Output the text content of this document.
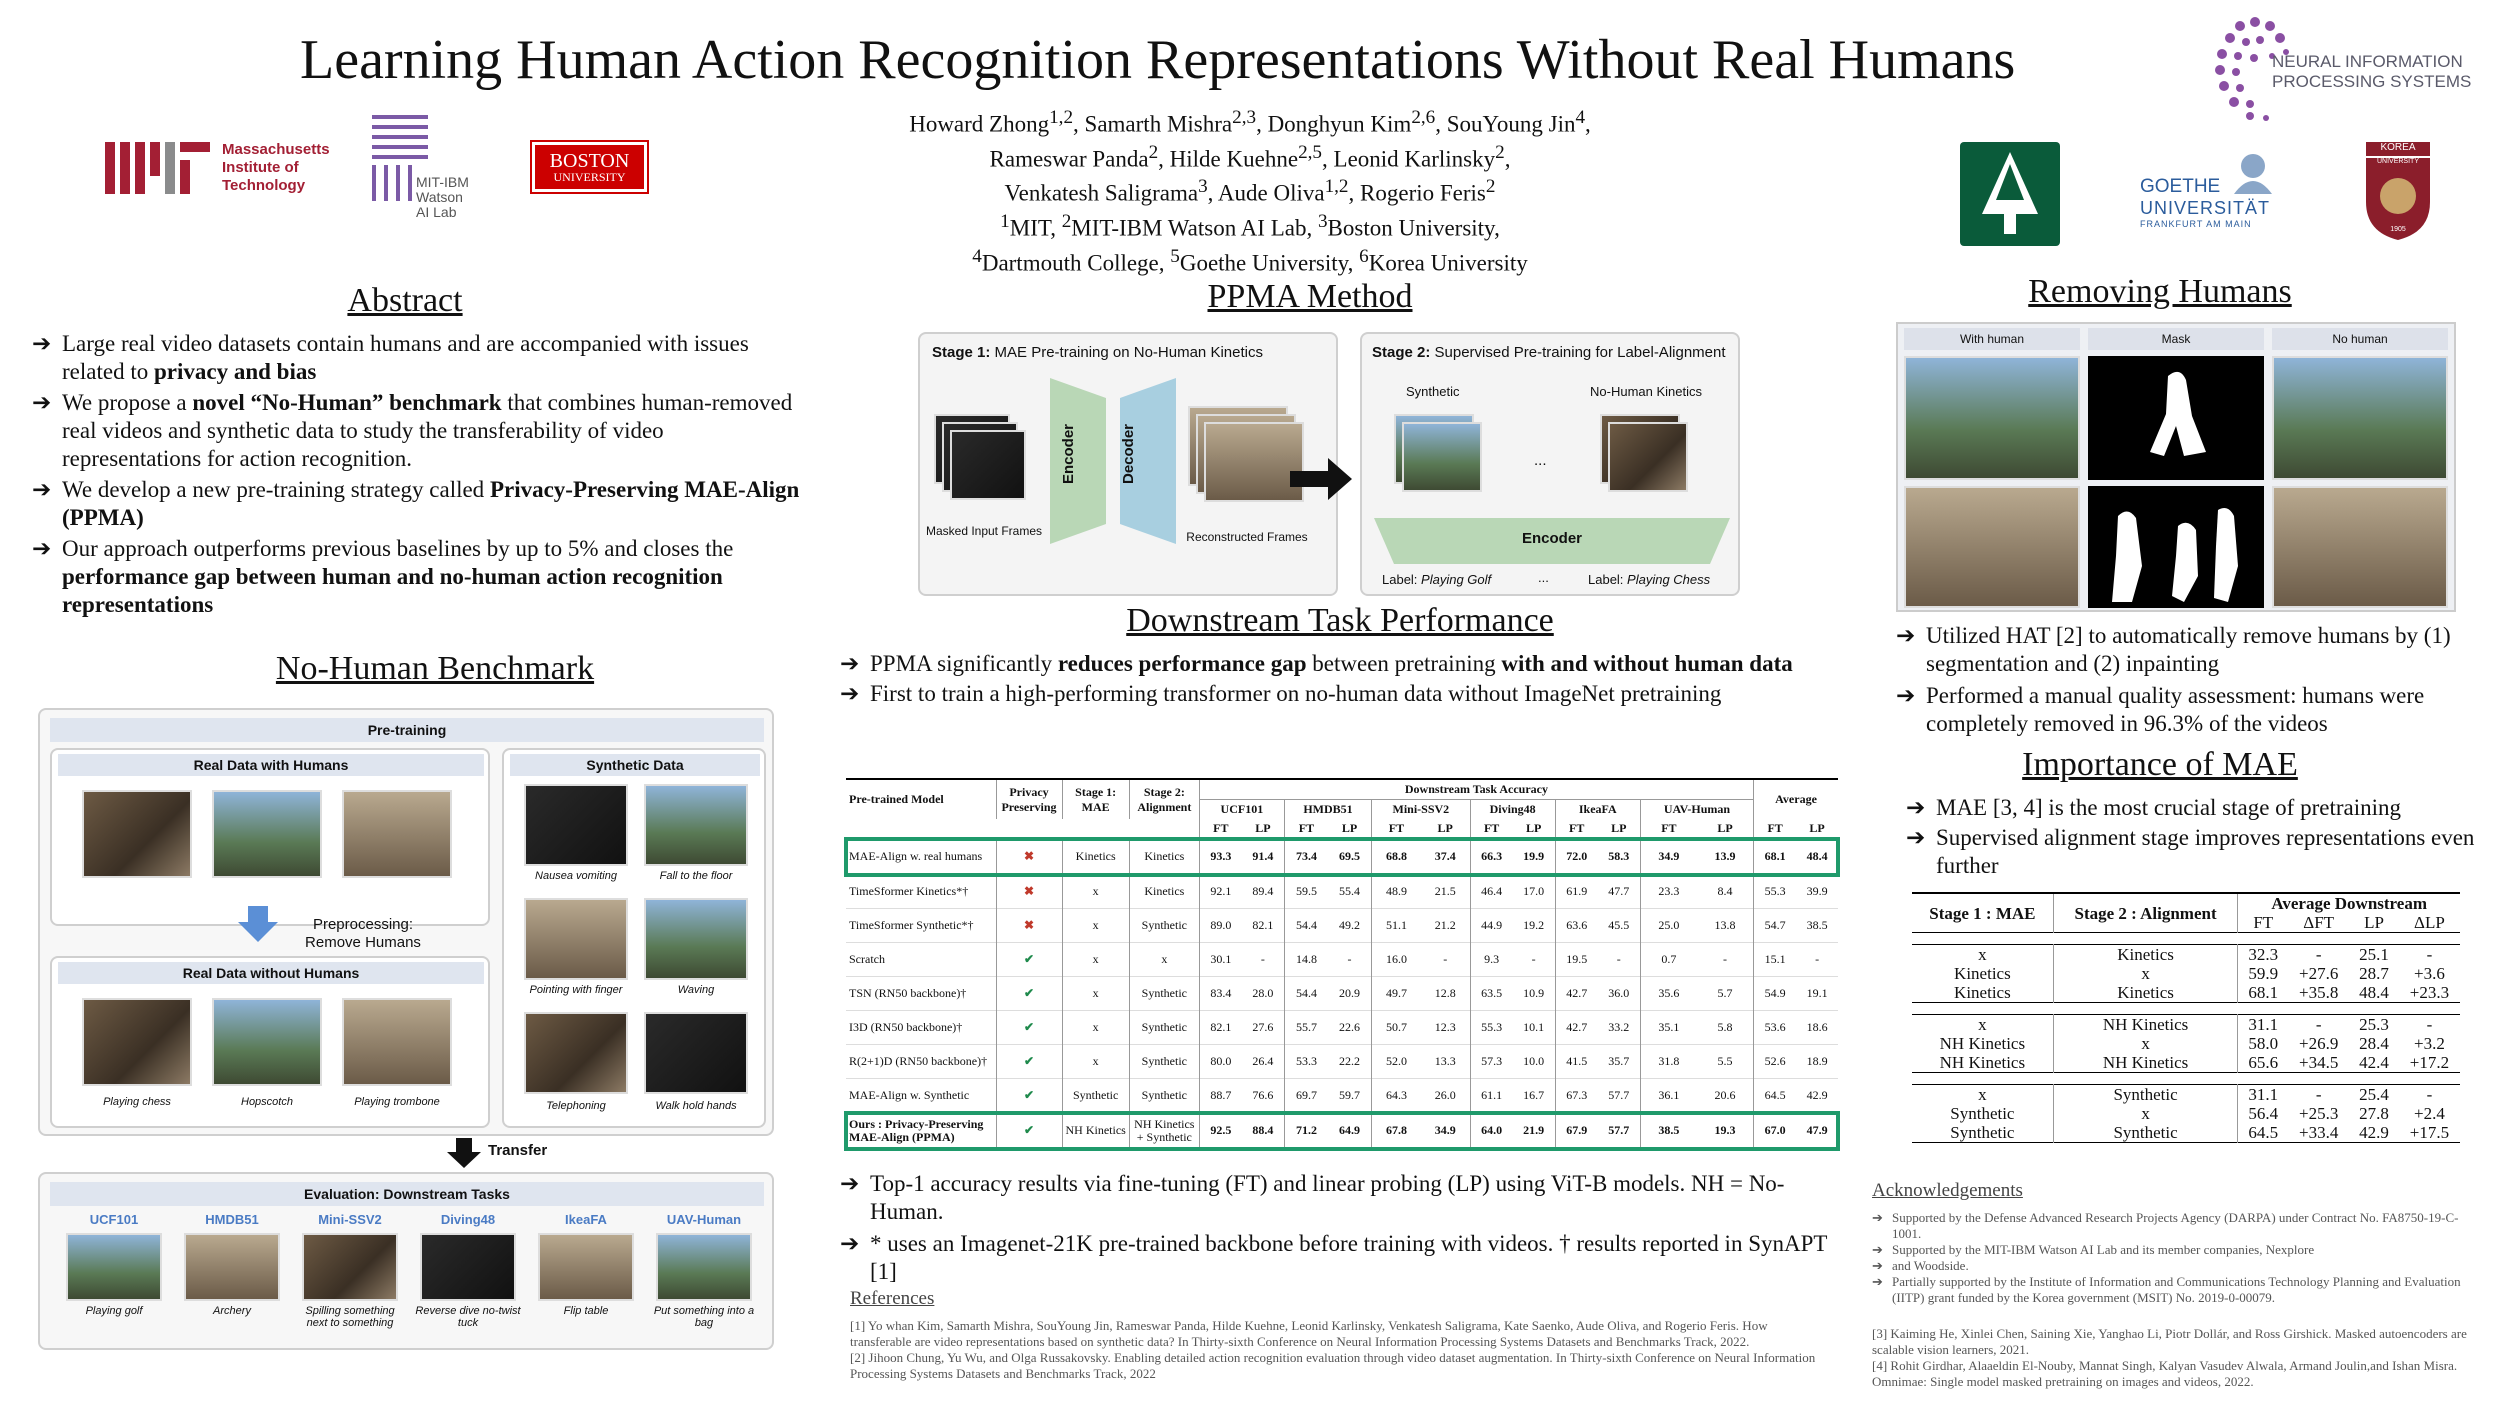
Learning Human Action Recognition Representations Without Real Humans
Howard Zhong$^{1,2}$, Samarth Mishra$^{2,3}$, Donghyun Kim$^{2,6}$, SouYoung Jin$^4$,
Rameswar Panda$^2$, Hilde Kuehne$^{2,5}$, Leonid Karlinsky$^2$,
Venkatesh Saligrama$^3$, Aude Oliva$^{1,2}$, Rogerio Feris$^2$
$^1$MIT, $^2$MIT-IBM Watson AI Lab, $^3$Boston University,
$^4$Dartmouth College, $^5$Goethe University, $^6$Korea University
Massachusetts
Institute of
Technology	MIT-IBM
Watson
AI Lab
BOSTON
UNIVERSITY
NEURAL INFORMATION
PROCESSING SYSTEMS
GOETHE
UNIVERSITÄT
FRANKFURT AM MAIN
KOREA
UNIVERSITY
1905
Abstract
➔ Large real video datasets contain humans and are accompanied with issues related to privacy and bias
➔ We propose a novel “No-Human” benchmark that combines human-removed real videos and synthetic data to study the transferability of video representations for action recognition.
➔ We develop a new pre-training strategy called Privacy-Preserving MAE-Align (PPMA)
➔ Our approach outperforms previous baselines by up to 5% and closes the performance gap between human and no-human action recognition representations
No-Human Benchmark
Pre-training
Real Data with Humans
Preprocessing:
Remove Humans
Real Data without Humans
Playing chess	Hopscotch	Playing trombone
Synthetic Data
Nausea vomiting	Fall to the floor
Pointing with finger	Waving
Telephoning	Walk hold hands
Transfer
Evaluation: Downstream Tasks
UCF101
Playing golf
HMDB51
Archery
Mini-SSV2
Spilling something next to something
Diving48
Reverse dive no-twist tuck
IkeaFA
Flip table
UAV-Human
Put something into a bag
PPMA Method
Stage 1: MAE Pre-training on No-Human Kinetics
Masked Input Frames
Encoder	Decoder
Reconstructed Frames
Stage 2: Supervised Pre-training for Label-Alignment
Synthetic	No-Human Kinetics
...
Encoder
Label: Playing Golf	...	Label: Playing Chess
Downstream Task Performance
➔ PPMA significantly reduces performance gap between pretraining with and without human data
➔ First to train a high-performing transformer on no-human data without ImageNet pretraining
Pre-trained Model	Privacy Preserving	Stage 1: MAE	Stage 2: Alignment	Downstream Task Accuracy												Average	
				UCF101		HMDB51		Mini-SSV2		Diving48		IkeaFA		UAV-Human			
				FT	LP	FT	LP	FT	LP	FT	LP	FT	LP	FT	LP	FT	LP
MAE-Align w. real humans	✖	Kinetics	Kinetics	93.3	91.4	73.4	69.5	68.8	37.4	66.3	19.9	72.0	58.3	34.9	13.9	68.1	48.4
TimeSformer Kinetics*†	✖	x	Kinetics	92.1	89.4	59.5	55.4	48.9	21.5	46.4	17.0	61.9	47.7	23.3	8.4	55.3	39.9
TimeSformer Synthetic*†	✖	x	Synthetic	89.0	82.1	54.4	49.2	51.1	21.2	44.9	19.2	63.6	45.5	25.0	13.8	54.7	38.5
Scratch	✔	x	x	30.1	-	14.8	-	16.0	-	9.3	-	19.5	-	0.7	-	15.1	-
TSN (RN50 backbone)†	✔	x	Synthetic	83.4	28.0	54.4	20.9	49.7	12.8	63.5	10.9	42.7	36.0	35.6	5.7	54.9	19.1
I3D (RN50 backbone)†	✔	x	Synthetic	82.1	27.6	55.7	22.6	50.7	12.3	55.3	10.1	42.7	33.2	35.1	5.8	53.6	18.6
R(2+1)D (RN50 backbone)†	✔	x	Synthetic	80.0	26.4	53.3	22.2	52.0	13.3	57.3	10.0	41.5	35.7	31.8	5.5	52.6	18.9
MAE-Align w. Synthetic	✔	Synthetic	Synthetic	88.7	76.6	69.7	59.7	64.3	26.0	61.1	16.7	67.3	57.7	36.1	20.6	64.5	42.9
Ours : Privacy-Preserving MAE-Align (PPMA)	✔	NH Kinetics	NH Kinetics + Synthetic	92.5	88.4	71.2	64.9	67.8	34.9	64.0	21.9	67.9	57.7	38.5	19.3	67.0	47.9
➔ Top-1 accuracy results via fine-tuning (FT) and linear probing (LP) using ViT-B models. NH = No-Human.
➔ * uses an Imagenet-21K pre-trained backbone before training with videos. † results reported in SynAPT [1]
References
[1] Yo whan Kim, Samarth Mishra, SouYoung Jin, Rameswar Panda, Hilde Kuehne, Leonid Karlinsky, Venkatesh Saligrama, Kate Saenko, Aude Oliva, and Rogerio Feris. How transferable are video representations based on synthetic data? In Thirty-sixth Conference on Neural Information Processing Systems Datasets and Benchmarks Track, 2022.
[2] Jihoon Chung, Yu Wu, and Olga Russakovsky. Enabling detailed action recognition evaluation through video dataset augmentation. In Thirty-sixth Conference on Neural Information Processing Systems Datasets and Benchmarks Track, 2022
Removing Humans
With human	Mask	No human
➔ Utilized HAT [2] to automatically remove humans by (1) segmentation and (2) inpainting
➔ Performed a manual quality assessment: humans were completely removed in 96.3% of the videos
Importance of MAE
➔ MAE [3, 4] is the most crucial stage of pretraining
➔ Supervised alignment stage improves representations even further
Stage 1 : MAE	Stage 2 : Alignment	Average Downstream			
		FT	ΔFT	LP	ΔLP

x	Kinetics	32.3	-	25.1	-
Kinetics	x	59.9	+27.6	28.7	+3.6
Kinetics	Kinetics	68.1	+35.8	48.4	+23.3

x	NH Kinetics	31.1	-	25.3	-
NH Kinetics	x	58.0	+26.9	28.4	+3.2
NH Kinetics	NH Kinetics	65.6	+34.5	42.4	+17.2

x	Synthetic	31.1	-	25.4	-
Synthetic	x	56.4	+25.3	27.8	+2.4
Synthetic	Synthetic	64.5	+33.4	42.9	+17.5
Acknowledgements
➔ Supported by the Defense Advanced Research Projects Agency (DARPA) under Contract No. FA8750-19-C-1001.
➔ Supported by the MIT-IBM Watson AI Lab and its member companies, Nexplore
➔ and Woodside.
➔ Partially supported by the Institute of Information and Communications Technology Planning and Evaluation (IITP) grant funded by the Korea government (MSIT) No. 2019-0-00079.
[3] Kaiming He, Xinlei Chen, Saining Xie, Yanghao Li, Piotr Dollár, and Ross Girshick. Masked autoencoders are scalable vision learners, 2021.
[4] Rohit Girdhar, Alaaeldin El-Nouby, Mannat Singh, Kalyan Vasudev Alwala, Armand Joulin,and Ishan Misra. Omnimae: Single model masked pretraining on images and videos, 2022.
